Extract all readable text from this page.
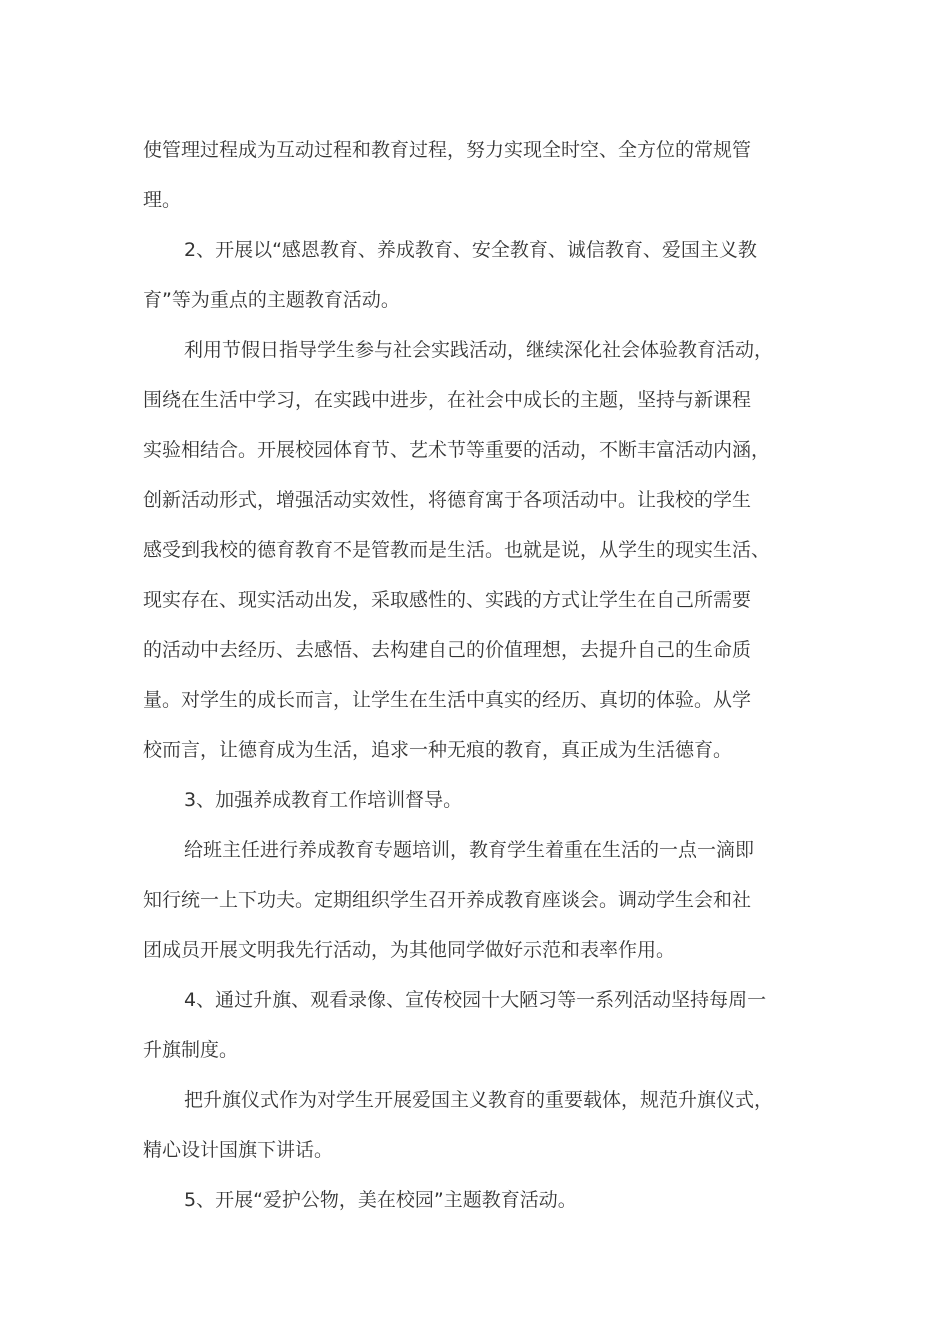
使管理过程成为互动过程和教育过程，努力实现全时空、全方位的常规管
理。
2、开展以“感恩教育、养成教育、安全教育、诚信教育、爱国主义教
育”等为重点的主题教育活动。
利用节假日指导学生参与社会实践活动，继续深化社会体验教育活动，
围绕在生活中学习，在实践中进步，在社会中成长的主题，坚持与新课程
实验相结合。开展校园体育节、艺术节等重要的活动，不断丰富活动内涵，
创新活动形式，增强活动实效性，将德育寓于各项活动中。让我校的学生
感受到我校的德育教育不是管教而是生活。也就是说，从学生的现实生活、
现实存在、现实活动出发，采取感性的、实践的方式让学生在自己所需要
的活动中去经历、去感悟、去构建自己的价值理想，去提升自己的生命质
量。对学生的成长而言，让学生在生活中真实的经历、真切的体验。从学
校而言，让德育成为生活，追求一种无痕的教育，真正成为生活德育。
3、加强养成教育工作培训督导。
给班主任进行养成教育专题培训，教育学生着重在生活的一点一滴即
知行统一上下功夫。定期组织学生召开养成教育座谈会。调动学生会和社
团成员开展文明我先行活动，为其他同学做好示范和表率作用。
4、通过升旗、观看录像、宣传校园十大陋习等一系列活动坚持每周一
升旗制度。
把升旗仪式作为对学生开展爱国主义教育的重要载体，规范升旗仪式，
精心设计国旗下讲话。
5、开展“爱护公物，美在校园”主题教育活动。
